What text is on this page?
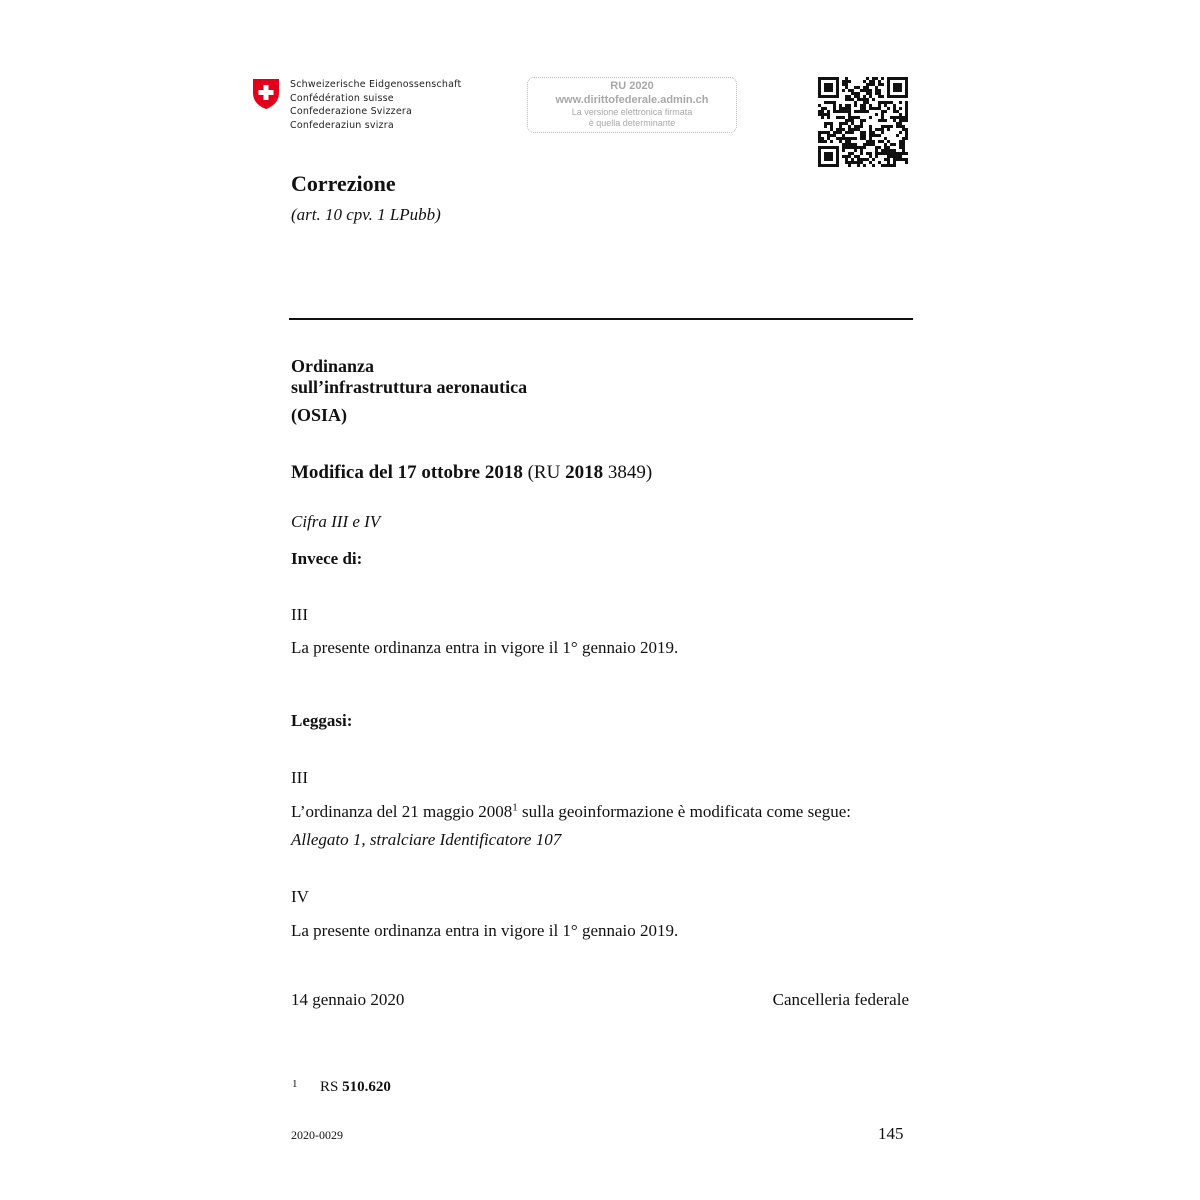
Schweizerische Eidgenossenschaft
Confédération suisse
Confederazione Svizzera
Confederaziun svizra
RU 2020
www.dirittofederale.admin.ch
La versione elettronica firmata
è quella determinante
Correzione
(art. 10 cpv. 1 LPubb)
Ordinanza
sull’infrastruttura aeronautica
(OSIA)
Modifica del 17 ottobre 2018 (RU 2018 3849)
Cifra III e IV
Invece di:
III
La presente ordinanza entra in vigore il 1° gennaio 2019.
Leggasi:
III
L’ordinanza del 21 maggio 2008$^1$ sulla geoinformazione è modificata come segue:
Allegato 1, stralciare Identificatore 107
IV
La presente ordinanza entra in vigore il 1° gennaio 2019.
14 gennaio 2020	Cancelleria federale
1 RS 510.620
2020-0029	145
